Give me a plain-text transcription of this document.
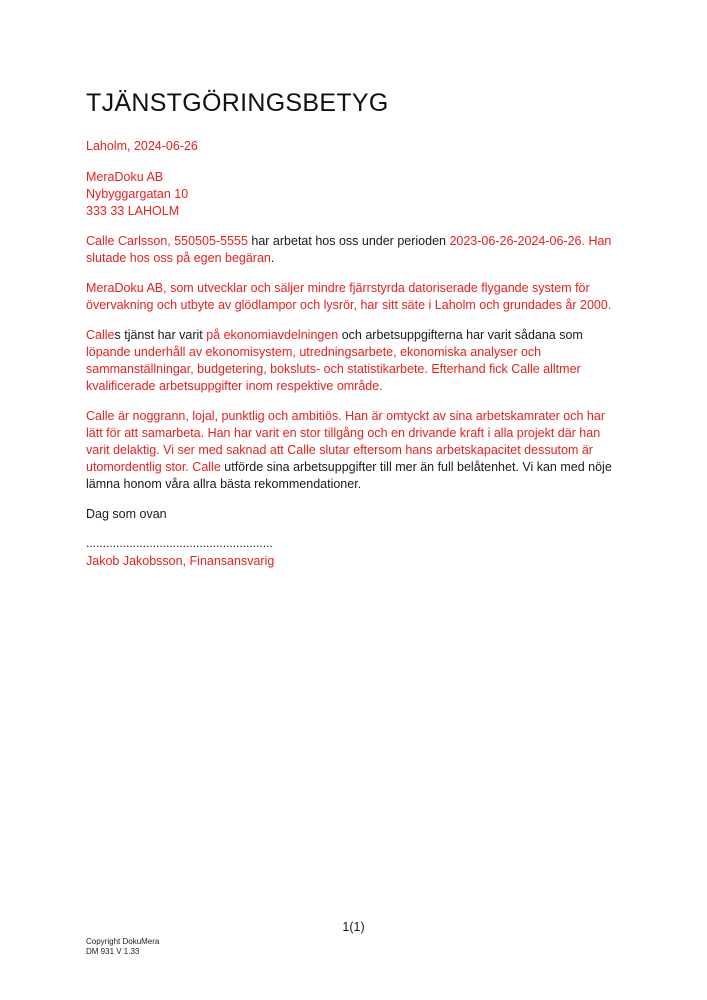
TJÄNSTGÖRINGSBETYG
Laholm, 2024-06-26
MeraDoku AB
Nybyggargatan 10
333 33 LAHOLM
Calle Carlsson, 550505-5555 har arbetat hos oss under perioden 2023-06-26-2024-06-26. Han slutade hos oss på egen begäran.
MeraDoku AB, som utvecklar och säljer mindre fjärrstyrda datoriserade flygande system för övervakning och utbyte av glödlampor och lysrör, har sitt säte i Laholm och grundades år 2000.
Calles tjänst har varit på ekonomiavdelningen och arbetsuppgifterna har varit sådana som löpande underhåll av ekonomisystem, utredningsarbete, ekonomiska analyser och sammanställningar, budgetering, boksluts- och statistikarbete. Efterhand fick Calle alltmer kvalificerade arbetsuppgifter inom respektive område.
Calle är noggrann, lojal, punktlig och ambitiös. Han är omtyckt av sina arbetskamrater och har lätt för att samarbeta. Han har varit en stor tillgång och en drivande kraft i alla projekt där han varit delaktig. Vi ser med saknad att Calle slutar eftersom hans arbetskapacitet dessutom är utomordentlig stor. Calle utförde sina arbetsuppgifter till mer än full belåtenhet. Vi kan med nöje lämna honom våra allra bästa rekommendationer.
Dag som ovan
........................................................
Jakob Jakobsson, Finansansvarig
1(1)
Copyright DokuMera
DM 931 V 1.33
